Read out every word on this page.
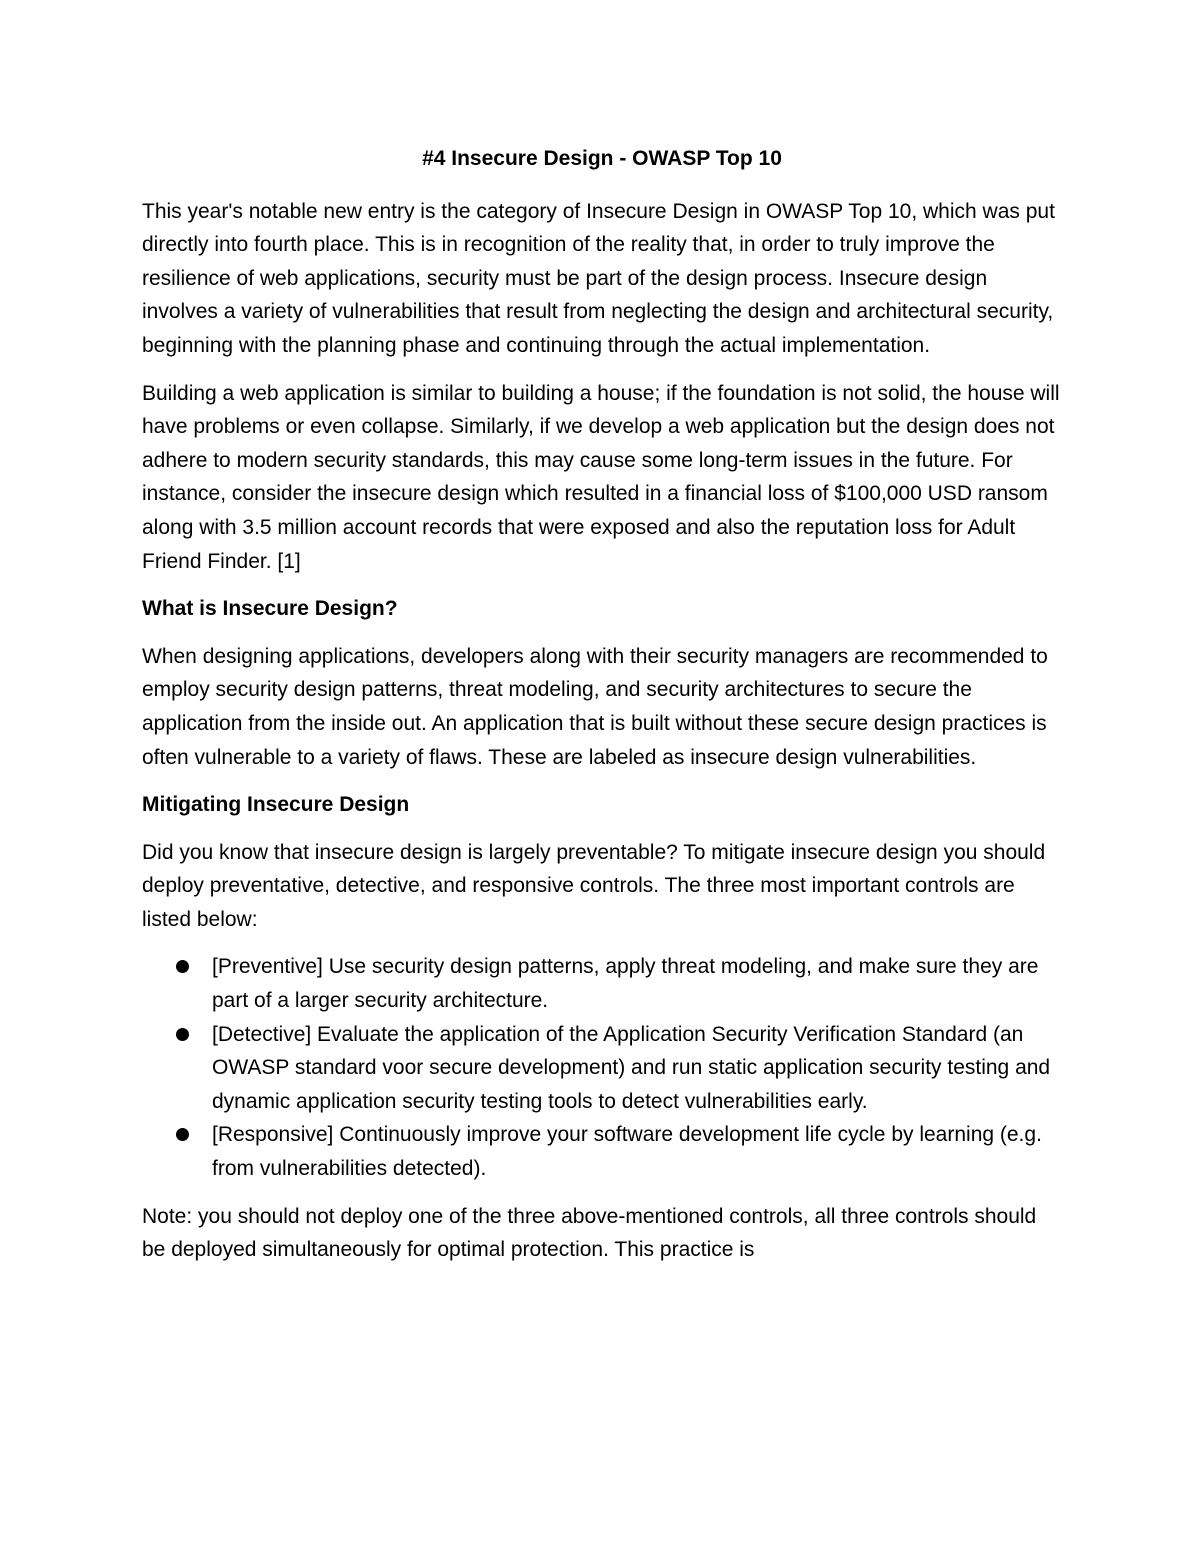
#4 Insecure Design - OWASP Top 10

This year's notable new entry is the category of Insecure Design in OWASP Top 10, which was put directly into fourth place. This is in recognition of the reality that, in order to truly improve the resilience of web applications, security must be part of the design process. Insecure design involves a variety of vulnerabilities that result from neglecting the design and architectural security, beginning with the planning phase and continuing through the actual implementation.

Building a web application is similar to building a house; if the foundation is not solid, the house will have problems or even collapse. Similarly, if we develop a web application but the design does not adhere to modern security standards, this may cause some long-term issues in the future. For instance, consider the insecure design which resulted in a financial loss of $100,000 USD ransom along with 3.5 million account records that were exposed and also the reputation loss for Adult Friend Finder. [1]

What is Insecure Design?

When designing applications, developers along with their security managers are recommended to employ security design patterns, threat modeling, and security architectures to secure the application from the inside out. An application that is built without these secure design practices is often vulnerable to a variety of flaws. These are labeled as insecure design vulnerabilities.

Mitigating Insecure Design

Did you know that insecure design is largely preventable? To mitigate insecure design you should deploy preventative, detective, and responsive controls. The three most important controls are listed below:

[Preventive] Use security design patterns, apply threat modeling, and make sure they are part of a larger security architecture.
[Detective] Evaluate the application of the Application Security Verification Standard (an OWASP standard voor secure development) and run static application security testing and dynamic application security testing tools to detect vulnerabilities early.
[Responsive] Continuously improve your software development life cycle by learning (e.g. from vulnerabilities detected).

Note: you should not deploy one of the three above-mentioned controls, all three controls should be deployed simultaneously for optimal protection. This practice is
